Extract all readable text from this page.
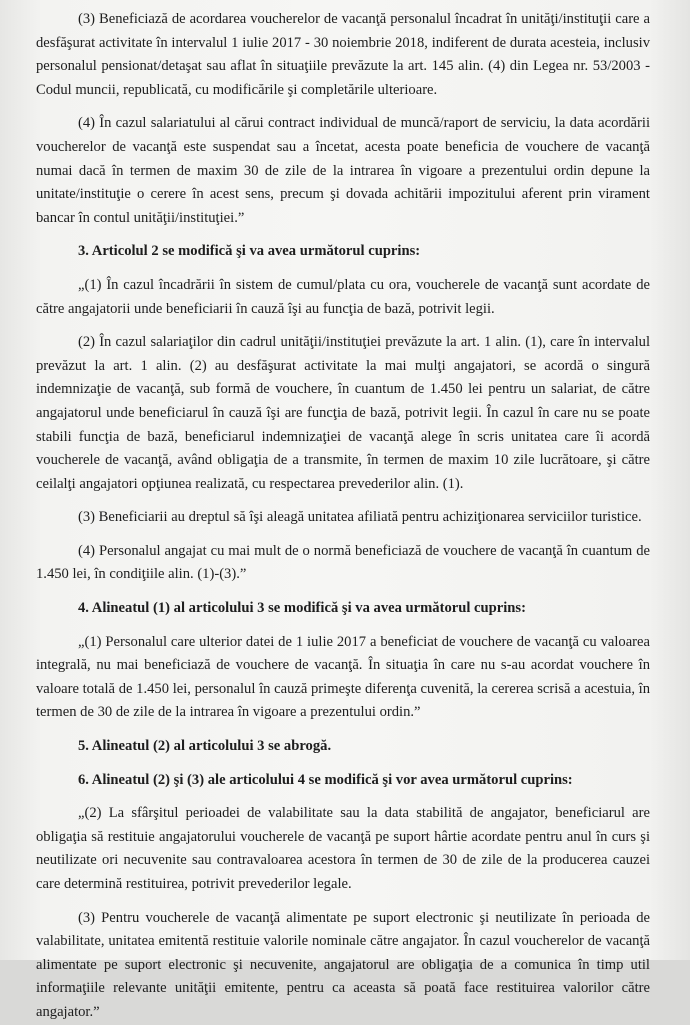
(3) Beneficiază de acordarea voucherelor de vacanţă personalul încadrat în unităţi/instituţii care a desfăşurat activitate în intervalul 1 iulie 2017 - 30 noiembrie 2018, indiferent de durata acesteia, inclusiv personalul pensionat/detaşat sau aflat în situaţiile prevăzute la art. 145 alin. (4) din Legea nr. 53/2003 - Codul muncii, republicată, cu modificările şi completările ulterioare.

(4) În cazul salariatului al cărui contract individual de muncă/raport de serviciu, la data acordării voucherelor de vacanţă este suspendat sau a încetat, acesta poate beneficia de vouchere de vacanţă numai dacă în termen de maxim 30 de zile de la intrarea în vigoare a prezentului ordin depune la unitate/instituţie o cerere în acest sens, precum şi dovada achitării impozitului aferent prin virament bancar în contul unităţii/instituţiei.”

3. Articolul 2 se modifică şi va avea următorul cuprins:

„(1) În cazul încadrării în sistem de cumul/plata cu ora, voucherele de vacanţă sunt acordate de către angajatorii unde beneficiarii în cauză îşi au funcţia de bază, potrivit legii.

(2) În cazul salariaţilor din cadrul unităţii/instituţiei prevăzute la art. 1 alin. (1), care în intervalul prevăzut la art. 1 alin. (2) au desfăşurat activitate la mai mulţi angajatori, se acordă o singură indemnizaţie de vacanţă, sub formă de vouchere, în cuantum de 1.450 lei pentru un salariat, de către angajatorul unde beneficiarul în cauză îşi are funcţia de bază, potrivit legii. În cazul în care nu se poate stabili funcţia de bază, beneficiarul indemnizaţiei de vacanţă alege în scris unitatea care îi acordă voucherele de vacanţă, având obligaţia de a transmite, în termen de maxim 10 zile lucrătoare, şi către ceilalţi angajatori opţiunea realizată, cu respectarea prevederilor alin. (1).

(3) Beneficiarii au dreptul să îşi aleagă unitatea afiliată pentru achiziţionarea serviciilor turistice.

(4) Personalul angajat cu mai mult de o normă beneficiază de vouchere de vacanţă în cuantum de 1.450 lei, în condiţiile alin. (1)-(3).”

4. Alineatul (1) al articolului 3 se modifică şi va avea următorul cuprins:

„(1) Personalul care ulterior datei de 1 iulie 2017 a beneficiat de vouchere de vacanţă cu valoarea integrală, nu mai beneficiază de vouchere de vacanţă. În situaţia în care nu s-au acordat vouchere în valoare totală de 1.450 lei, personalul în cauză primeşte diferenţa cuvenită, la cererea scrisă a acestuia, în termen de 30 de zile de la intrarea în vigoare a prezentului ordin.”

5. Alineatul (2) al articolului 3 se abrogă.

6. Alineatul (2) şi (3) ale articolului 4 se modifică şi vor avea următorul cuprins:

„(2) La sfârşitul perioadei de valabilitate sau la data stabilită de angajator, beneficiarul are obligaţia să restituie angajatorului voucherele de vacanţă pe suport hârtie acordate pentru anul în curs şi neutilizate ori necuvenite sau contravaloarea acestora în termen de 30 de zile de la producerea cauzei care determină restituirea, potrivit prevederilor legale.

(3) Pentru voucherele de vacanţă alimentate pe suport electronic şi neutilizate în perioada de valabilitate, unitatea emitentă restituie valorile nominale către angajator. În cazul voucherelor de vacanţă alimentate pe suport electronic şi necuvenite, angajatorul are obligaţia de a comunica în timp util informaţiile relevante unităţii emitente, pentru ca aceasta să poată face restituirea valorilor către angajator.”
